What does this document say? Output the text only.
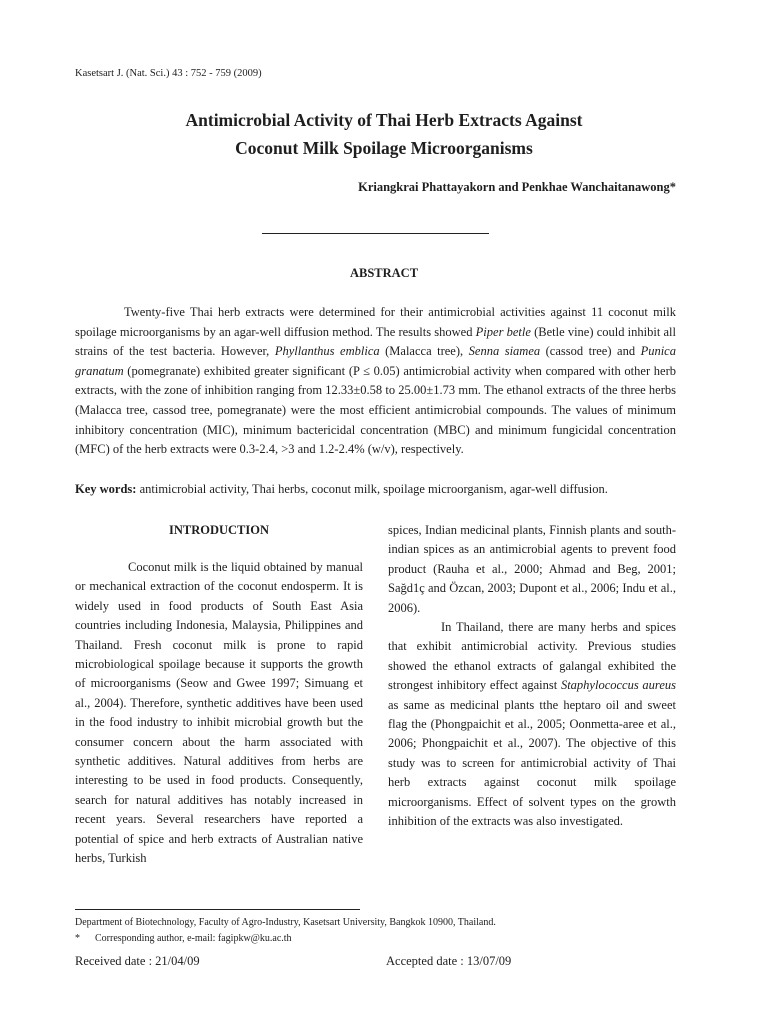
Kasetsart J. (Nat. Sci.) 43 : 752 - 759 (2009)
Antimicrobial Activity of Thai Herb Extracts Against
Coconut Milk Spoilage Microorganisms
Kriangkrai Phattayakorn and Penkhae Wanchaitanawong*
ABSTRACT

Twenty-five Thai herb extracts were determined for their antimicrobial activities against 11 coconut milk spoilage microorganisms by an agar-well diffusion method. The results showed Piper betle (Betle vine) could inhibit all strains of the test bacteria. However, Phyllanthus emblica (Malacca tree), Senna siamea (cassod tree) and Punica granatum (pomegranate) exhibited greater significant (P ≤ 0.05) antimicrobial activity when compared with other herb extracts, with the zone of inhibition ranging from 12.33±0.58 to 25.00±1.73 mm. The ethanol extracts of the three herbs (Malacca tree, cassod tree, pomegranate) were the most efficient antimicrobial compounds. The values of minimum inhibitory concentration (MIC), minimum bactericidal concentration (MBC) and minimum fungicidal concentration (MFC) of the herb extracts were 0.3-2.4, >3 and 1.2-2.4% (w/v), respectively.

Key words: antimicrobial activity, Thai herbs, coconut milk, spoilage microorganism, agar-well diffusion.
INTRODUCTION

Coconut milk is the liquid obtained by manual or mechanical extraction of the coconut endosperm. It is widely used in food products of South East Asia countries including Indonesia, Malaysia, Philippines and Thailand. Fresh coconut milk is prone to rapid microbiological spoilage because it supports the growth of microorganisms (Seow and Gwee 1997; Simuang et al., 2004). Therefore, synthetic additives have been used in the food industry to inhibit microbial growth but the consumer concern about the harm associated with synthetic additives. Natural additives from herbs are interesting to be used in food products. Consequently, search for natural additives has notably increased in recent years. Several researchers have reported a potential of spice and herb extracts of Australian native herbs, Turkish

spices, Indian medicinal plants, Finnish plants and south-indian spices as an antimicrobial agents to prevent food product (Rauha et al., 2000; Ahmad and Beg, 2001; Sağd1ç and Özcan, 2003; Dupont et al., 2006; Indu et al., 2006).

In Thailand, there are many herbs and spices that exhibit antimicrobial activity. Previous studies showed the ethanol extracts of galangal exhibited the strongest inhibitory effect against Staphylococcus aureus as same as medicinal plants tthe heptaro oil and sweet flag the (Phongpaichit et al., 2005; Oonmetta-aree et al., 2006; Phongpaichit et al., 2007). The objective of this study was to screen for antimicrobial activity of Thai herb extracts against coconut milk spoilage microorganisms. Effect of solvent types on the growth inhibition of the extracts was also investigated.

Department of Biotechnology, Faculty of Agro-Industry, Kasetsart University, Bangkok 10900, Thailand.
* Corresponding author, e-mail: fagipkw@ku.ac.th
Received date : 21/04/09	Accepted date : 13/07/09
